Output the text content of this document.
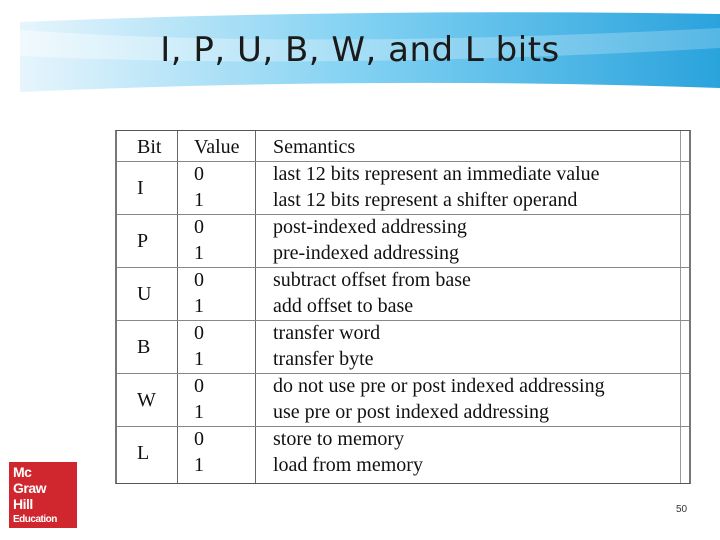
I, P, U, B, W, and L bits
Bit Value Semantics
I
0
1
last 12 bits represent an immediate value
last 12 bits represent a shifter operand
P
0
1
post-indexed addressing
pre-indexed addressing
U
0
1
subtract offset from base
add offset to base
B
0
1
transfer word
transfer byte
W
0
1
do not use pre or post indexed addressing
use pre or post indexed addressing
L
0
1
store to memory
load from memory
Mc
Graw
Hill
Education
50
